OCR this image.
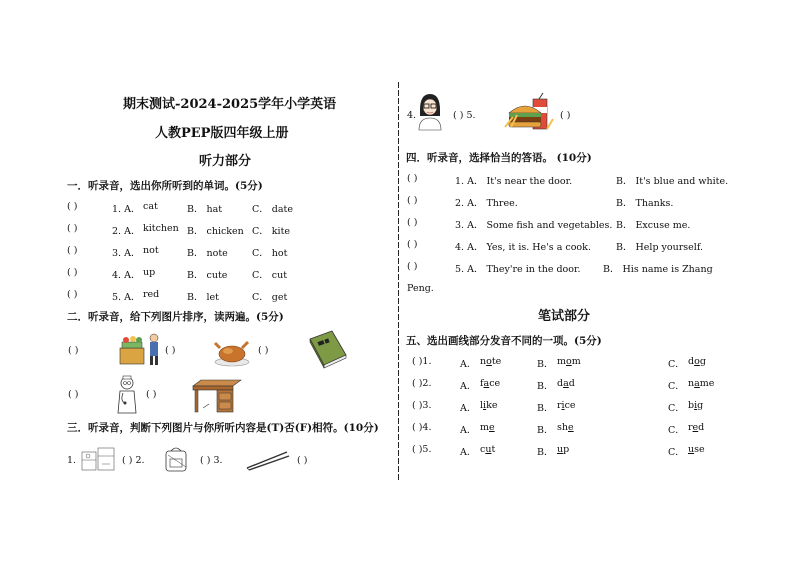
期末测试-2024-2025学年小学英语
人教PEP版四年级上册
听力部分
一．听录音，选出你所听到的单词。(5分)
( )	1. A． cat	B． hat	C． date
( )	2. A． kitchen B． chicken C． kite
( )	3. A． not	B． note	C． hot
( )	4. A． up	B． cute	C． cut
( )	5. A． red	B． let	C． get
二．听录音，给下列图片排序，读两遍。(5分)
( )	( )	( )
( )	( )
三．听录音，判断下列图片与你所听内容是(T)否(F)相符。(10分)
1.	( ) 2.	( ) 3.	( )
4.	( ) 5.	( )
四．听录音，选择恰当的答语。 (10分)
( )	1. A． It's near the door.	B． It's blue and white.
( )	2. A． Three.	B． Thanks.
( )	3. A． Some fish and vegetables. B． Excuse me.
( )	4. A． Yes, it is. He's a cook.	B． Help yourself.
( )	5. A． They're in the door. B． His name is Zhang
Peng.
笔试部分
五、选出画线部分发音不同的一项。(5分)
( )1.	A． note	B． mom	C． dog
( )2.	A． face	B． dad	C． name
( )3.	A． like	B． rice	C． big
( )4.	A． me	B． she	C． red
( )5.	A． cut	B． up	C． use
